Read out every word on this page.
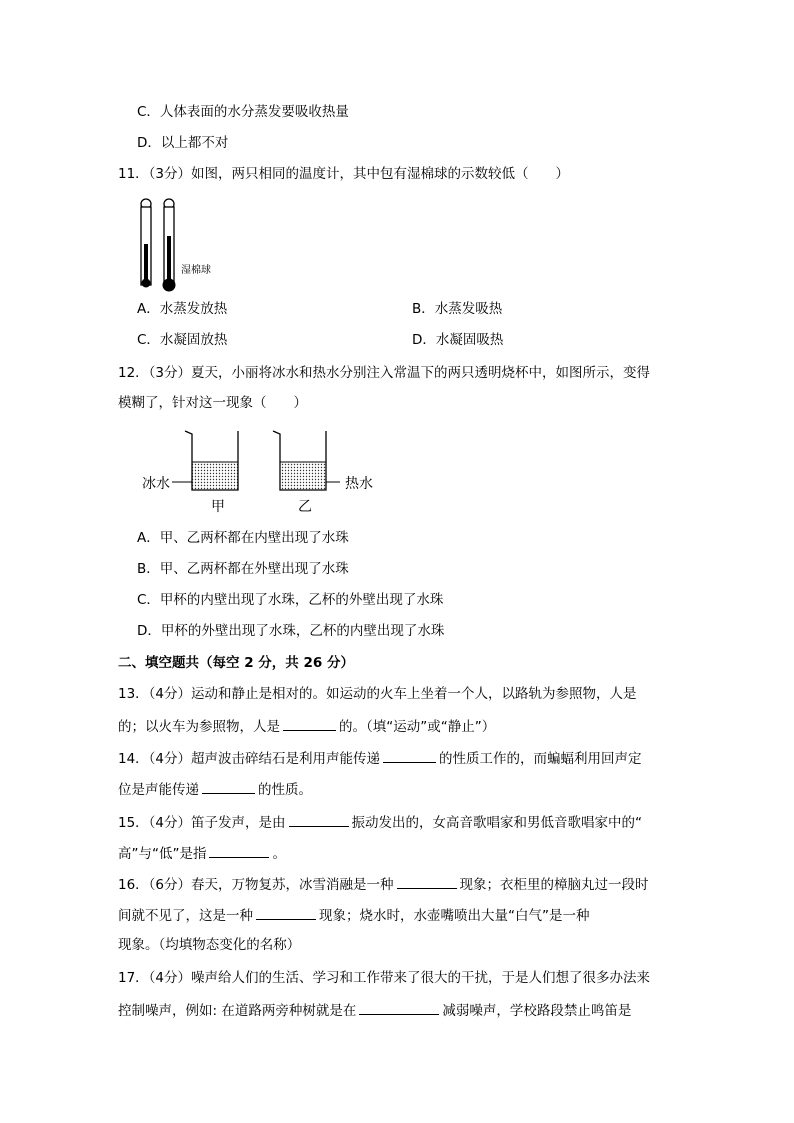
C．人体表面的水分蒸发要吸收热量
D．以上都不对
11．（3分）如图，两只相同的温度计，其中包有湿棉球的示数较低（　　）
湿棉球
A．水蒸发放热	B．水蒸发吸热
C．水凝固放热	D．水凝固吸热
12．（3分）夏天，小丽将冰水和热水分别注入常温下的两只透明烧杯中，如图所示，变得
模糊了，针对这一现象（　　）
冰水	热水
甲	乙
A．甲、乙两杯都在内壁出现了水珠
B．甲、乙两杯都在外壁出现了水珠
C．甲杯的内壁出现了水珠，乙杯的外壁出现了水珠
D．甲杯的外壁出现了水珠，乙杯的内壁出现了水珠
二、填空题共（每空 2 分，共 26 分）
13．（4分）运动和静止是相对的。如运动的火车上坐着一个人，以路轨为参照物，人是
的；以火车为参照物，人是	的。（填“运动”或“静止”）
14．（4分）超声波击碎结石是利用声能传递	的性质工作的，而蝙蝠利用回声定
位是声能传递	的性质。
15．（4分）笛子发声，是由	振动发出的，女高音歌唱家和男低音歌唱家中的“
高”与“低”是指	。
16．（6分）春天，万物复苏，冰雪消融是一种	现象；衣柜里的樟脑丸过一段时
间就不见了，这是一种	现象；烧水时，水壶嘴喷出大量“白气”是一种
现象。（均填物态变化的名称）
17．（4分）噪声给人们的生活、学习和工作带来了很大的干扰，于是人们想了很多办法来
控制噪声，例如: 在道路两旁种树就是在	减弱噪声，学校路段禁止鸣笛是
